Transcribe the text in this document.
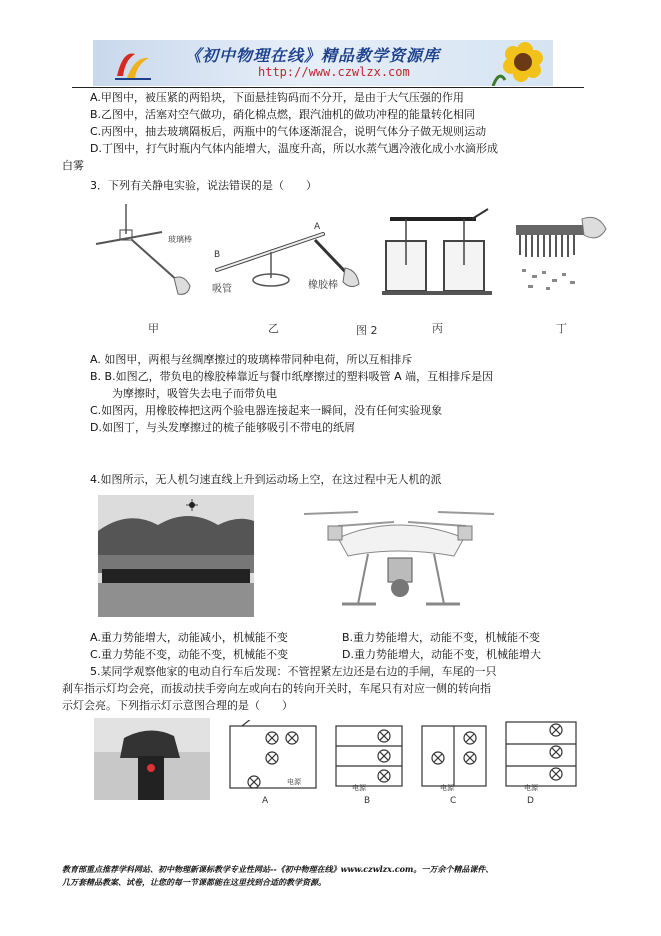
《初中物理在线》精品教学资源库
http://www.czwlzx.com
A.甲图中，被压紧的两铅块，下面悬挂钩码而不分开，是由于大气压强的作用
B.乙图中，活塞对空气做功，硝化棉点燃，跟汽油机的做功冲程的能量转化相同
C.丙图中，抽去玻璃隔板后，两瓶中的气体逐渐混合，说明气体分子做无规则运动
D.丁图中，打气时瓶内气体内能增大，温度升高，所以水蒸气遇冷液化成小水滴形成
白雾
3．下列有关静电实验，说法错误的是（　　）
玻璃棒
B
A
吸管	橡胶棒
甲	乙	图 2	丙	丁
A. 如图甲，两根与丝绸摩擦过的玻璃棒带同种电荷，所以互相排斥
B. B.如图乙，带负电的橡胶棒靠近与餐巾纸摩擦过的塑料吸管 A 端，互相排斥是因
为摩擦时，吸管失去电子而带负电
C.如图丙，用橡胶棒把这两个验电器连接起来一瞬间，没有任何实验现象
D.如图丁，与头发摩擦过的梳子能够吸引不带电的纸屑
4.如图所示，无人机匀速直线上升到运动场上空，在这过程中无人机的派
A.重力势能增大，动能减小，机械能不变	B.重力势能增大，动能不变，机械能不变
C.重力势能不变，动能不变，机械能不变	D.重力势能增大，动能不变，机械能增大
5.某同学观察他家的电动自行车后发现：不管捏紧左边还是右边的手闸，车尾的一只
刹车指示灯均会亮，而拔动扶手旁向左或向右的转向开关时，车尾只有对应一侧的转向指
示灯会亮。下列指示灯示意图合理的是（　　）
电源
A
电源
B
电源
C
电源
D
教育部重点推荐学科网站、初中物理新课标教学专业性网站--《初中物理在线》www.czwlzx.com。一万余个精品课件、
几万套精品教案、试卷，让您的每一节课都能在这里找到合适的教学资源。
